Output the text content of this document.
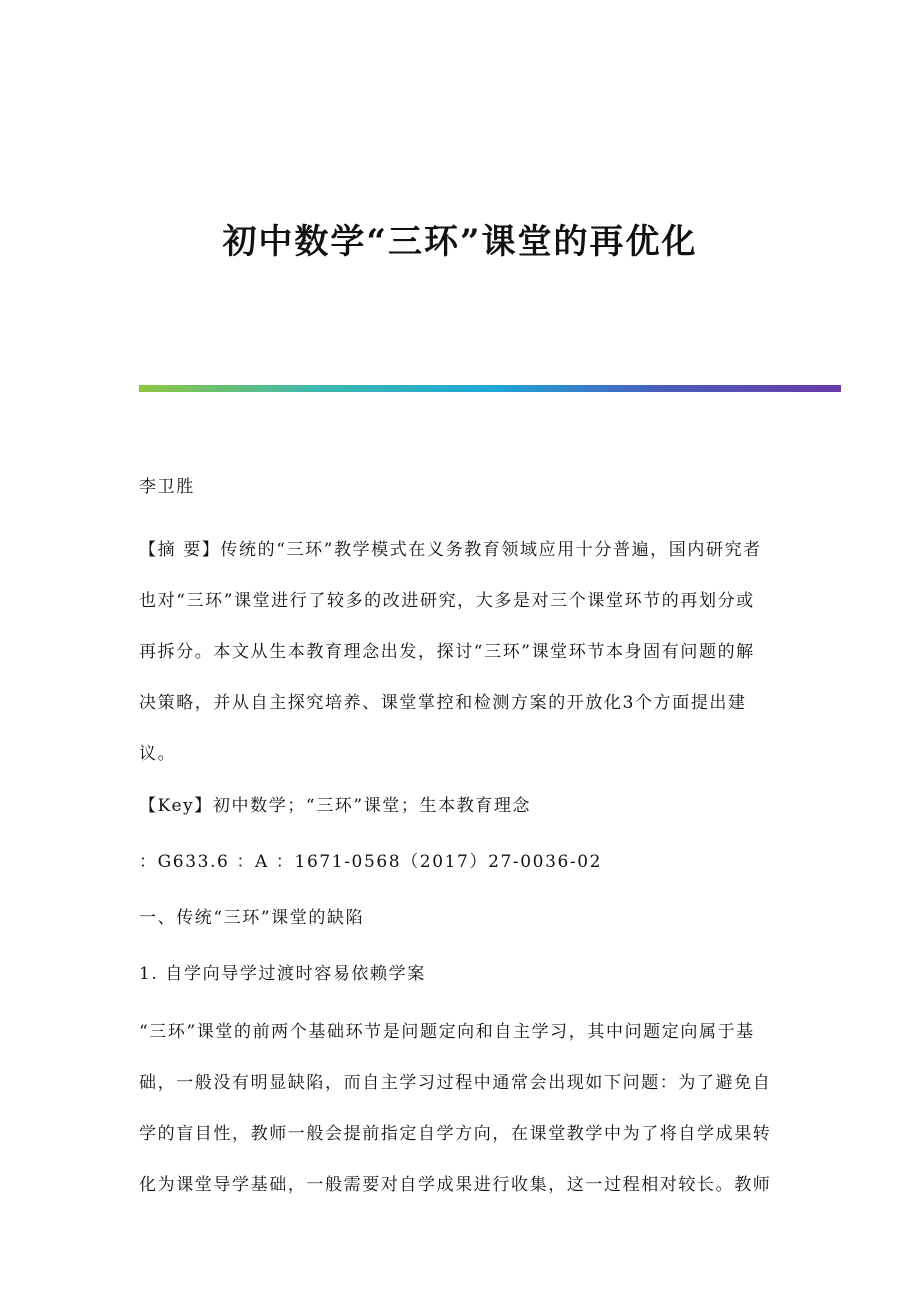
初中数学“三环”课堂的再优化
李卫胜
【摘 要】传统的“三环”教学模式在义务教育领域应用十分普遍，国内研究者
也对“三环”课堂进行了较多的改进研究，大多是对三个课堂环节的再划分或
再拆分。本文从生本教育理念出发，探讨“三环”课堂环节本身固有问题的解
决策略，并从自主探究培养、课堂掌控和检测方案的开放化3个方面提出建
议。
【Key】初中数学；“三环”课堂；生本教育理念
：G633.6 ：A ：1671-0568（2017）27-0036-02
一、传统“三环”课堂的缺陷
1. 自学向导学过渡时容易依赖学案
“三环”课堂的前两个基础环节是问题定向和自主学习，其中问题定向属于基
础，一般没有明显缺陷，而自主学习过程中通常会出现如下问题：为了避免自
学的盲目性，教师一般会提前指定自学方向，在课堂教学中为了将自学成果转
化为课堂导学基础，一般需要对自学成果进行收集，这一过程相对较长。教师
